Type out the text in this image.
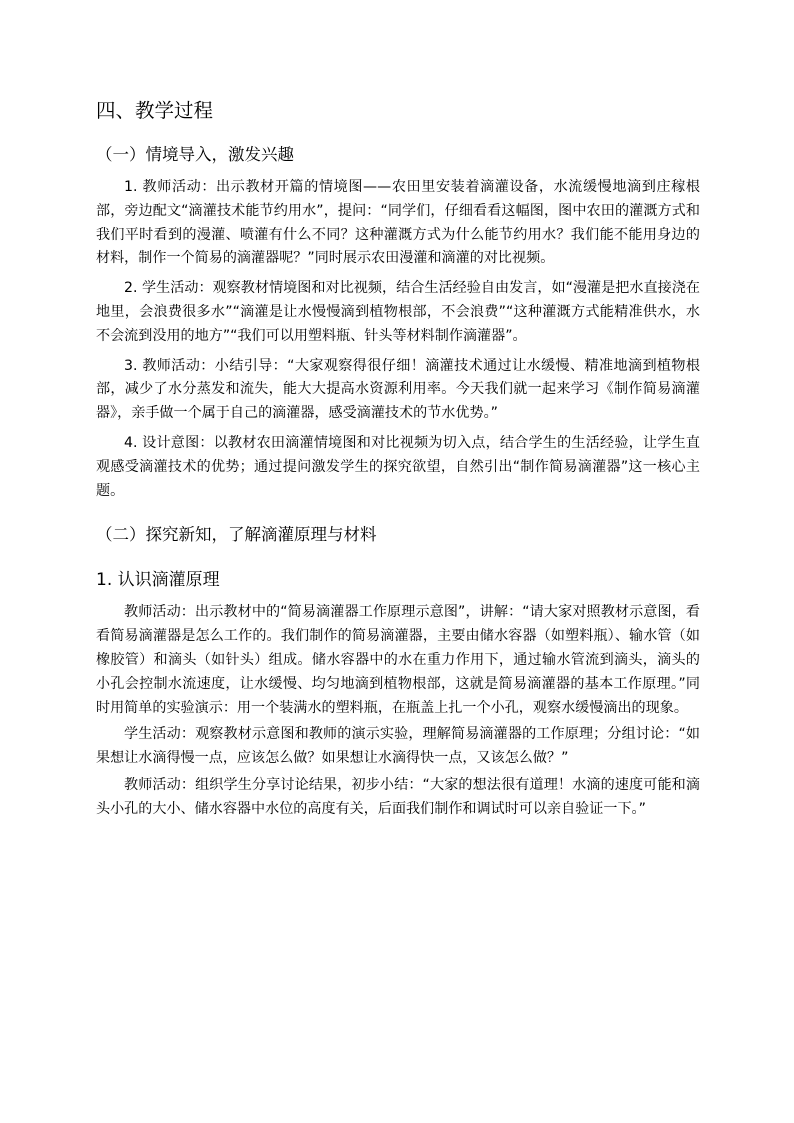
四、教学过程
（一）情境导入，激发兴趣

1. 教师活动：出示教材开篇的情境图——农田里安装着滴灌设备，水流缓慢地滴到庄稼根部，旁边配文“滴灌技术能节约用水”，提问：“同学们，仔细看看这幅图，图中农田的灌溉方式和我们平时看到的漫灌、喷灌有什么不同？这种灌溉方式为什么能节约用水？我们能不能用身边的材料，制作一个简易的滴灌器呢？”同时展示农田漫灌和滴灌的对比视频。

2. 学生活动：观察教材情境图和对比视频，结合生活经验自由发言，如“漫灌是把水直接浇在地里，会浪费很多水”“滴灌是让水慢慢滴到植物根部，不会浪费”“这种灌溉方式能精准供水，水不会流到没用的地方”“我们可以用塑料瓶、针头等材料制作滴灌器”。

3. 教师活动：小结引导：“大家观察得很仔细！滴灌技术通过让水缓慢、精准地滴到植物根部，减少了水分蒸发和流失，能大大提高水资源利用率。今天我们就一起来学习《制作简易滴灌器》，亲手做一个属于自己的滴灌器，感受滴灌技术的节水优势。”

4. 设计意图：以教材农田滴灌情境图和对比视频为切入点，结合学生的生活经验，让学生直观感受滴灌技术的优势；通过提问激发学生的探究欲望，自然引出“制作简易滴灌器”这一核心主题。

（二）探究新知，了解滴灌原理与材料
1. 认识滴灌原理

教师活动：出示教材中的“简易滴灌器工作原理示意图”，讲解：“请大家对照教材示意图，看看简易滴灌器是怎么工作的。我们制作的简易滴灌器，主要由储水容器（如塑料瓶）、输水管（如橡胶管）和滴头（如针头）组成。储水容器中的水在重力作用下，通过输水管流到滴头，滴头的小孔会控制水流速度，让水缓慢、均匀地滴到植物根部，这就是简易滴灌器的基本工作原理。”同时用简单的实验演示：用一个装满水的塑料瓶，在瓶盖上扎一个小孔，观察水缓慢滴出的现象。

学生活动：观察教材示意图和教师的演示实验，理解简易滴灌器的工作原理；分组讨论：“如果想让水滴得慢一点，应该怎么做？如果想让水滴得快一点，又该怎么做？”

教师活动：组织学生分享讨论结果，初步小结：“大家的想法很有道理！水滴的速度可能和滴头小孔的大小、储水容器中水位的高度有关，后面我们制作和调试时可以亲自验证一下。”
